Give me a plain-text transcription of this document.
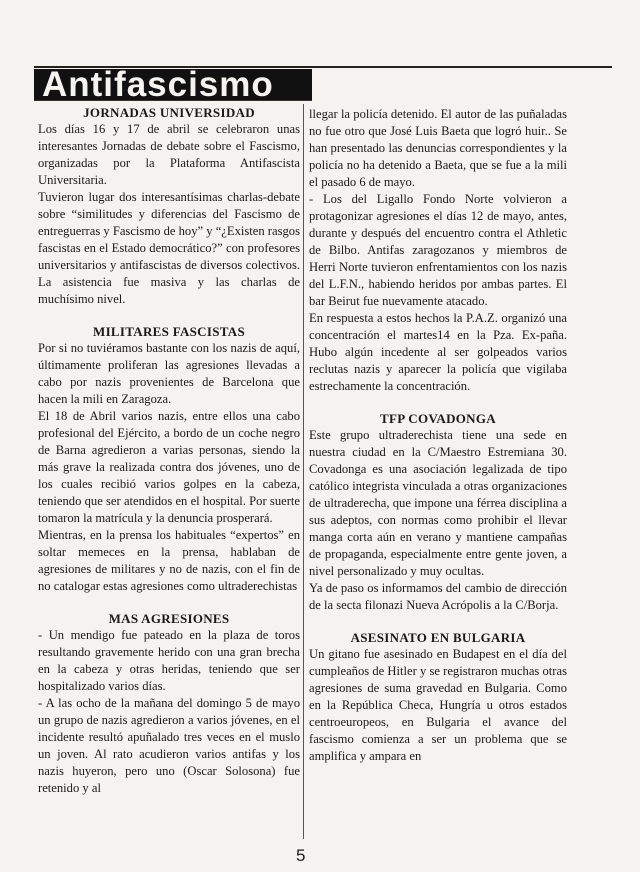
Antifascismo
JORNADAS UNIVERSIDAD

Los días 16 y 17 de abril se celebraron unas interesantes Jornadas de debate sobre el Fascismo, organizadas por la Plataforma Antifascista Universitaria.

Tuvieron lugar dos interesantísimas charlas-debate sobre “similitudes y diferencias del Fascismo de entreguerras y Fascismo de hoy” y “¿Existen rasgos fascistas en el Estado democrático?” con profesores universitarios y antifascistas de diversos colectivos. La asistencia fue masiva y las charlas de muchísimo nivel.

MILITARES FASCISTAS

Por si no tuviéramos bastante con los nazis de aquí, últimamente proliferan las agresiones llevadas a cabo por nazis provenientes de Barcelona que hacen la mili en Zaragoza.

El 18 de Abril varios nazis, entre ellos una cabo profesional del Ejército, a bordo de un coche negro de Barna agredieron a varias personas, siendo la más grave la realizada contra dos jóvenes, uno de los cuales recibió varios golpes en la cabeza, teniendo que ser atendidos en el hospital. Por suerte tomaron la matrícula y la denuncia prosperará.

Mientras, en la prensa los habituales “expertos” en soltar memeces en la prensa, hablaban de agresiones de militares y no de nazis, con el fin de no catalogar estas agresiones como ultraderechistas

MAS AGRESIONES

- Un mendigo fue pateado en la plaza de toros resultando gravemente herido con una gran brecha en la cabeza y otras heridas, teniendo que ser hospitalizado varios días.

- A las ocho de la mañana del domingo 5 de mayo un grupo de nazis agredieron a varios jóvenes, en el incidente resultó apuñalado tres veces en el muslo un joven. Al rato acudieron varios antifas y los nazis huyeron, pero uno (Oscar Solosona) fue retenido y al

llegar la policía detenido. El autor de las puñaladas no fue otro que José Luis Baeta que logró huir.. Se han presentado las denuncias correspondientes y la policía no ha detenido a Baeta, que se fue a la mili el pasado 6 de mayo.

- Los del Ligallo Fondo Norte volvieron a protagonizar agresiones el días 12 de mayo, antes, durante y después del encuentro contra el Athletic de Bilbo. Antifas zaragozanos y miembros de Herri Norte tuvieron enfrentamientos con los nazis del L.F.N., habiendo heridos por ambas partes. El bar Beirut fue nuevamente atacado.

En respuesta a estos hechos la P.A.Z. organizó una concentración el martes14 en la Pza. Ex-paña. Hubo algún incedente al ser golpeados varios reclutas nazis y aparecer la policía que vigilaba estrechamente la concentración.

TFP COVADONGA

Este grupo ultraderechista tiene una sede en nuestra ciudad en la C/Maestro Estremiana 30. Covadonga es una asociación legalizada de tipo católico integrista vinculada a otras organizaciones de ultraderecha, que impone una férrea disciplina a sus adeptos, con normas como prohibir el llevar manga corta aún en verano y mantiene campañas de propaganda, especialmente entre gente joven, a nivel personalizado y muy ocultas.

Ya de paso os informamos del cambio de dirección de la secta filonazi Nueva Acrópolis a la C/Borja.

ASESINATO EN BULGARIA

Un gitano fue asesinado en Budapest en el día del cumpleaños de Hitler y se registraron muchas otras agresiones de suma gravedad en Bulgaria. Como en la República Checa, Hungría u otros estados centroeuropeos, en Bulgaria el avance del fascismo comienza a ser un problema que se amplifica y ampara en

5
